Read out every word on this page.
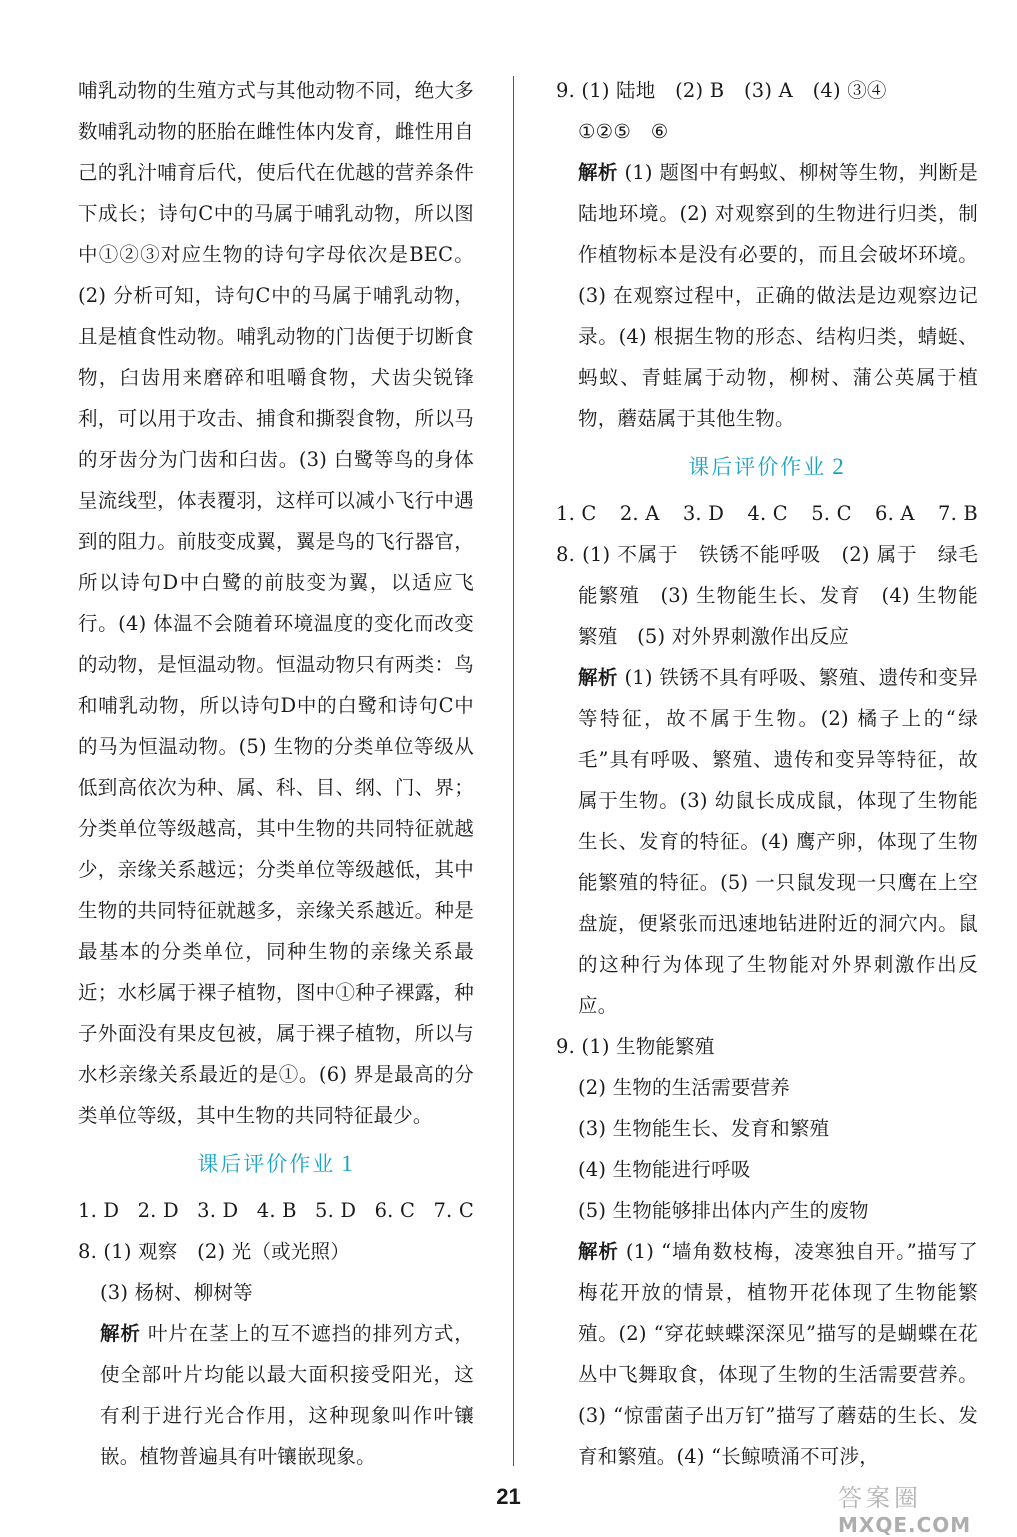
哺乳动物的生殖方式与其他动物不同，绝大多数哺乳动物的胚胎在雌性体内发育，雌性用自己的乳汁哺育后代，使后代在优越的营养条件下成长；诗句C中的马属于哺乳动物，所以图中①②③对应生物的诗句字母依次是BEC。(2) 分析可知，诗句C中的马属于哺乳动物，且是植食性动物。哺乳动物的门齿便于切断食物，臼齿用来磨碎和咀嚼食物，犬齿尖锐锋利，可以用于攻击、捕食和撕裂食物，所以马的牙齿分为门齿和臼齿。(3) 白鹭等鸟的身体呈流线型，体表覆羽，这样可以减小飞行中遇到的阻力。前肢变成翼，翼是鸟的飞行器官，所以诗句D中白鹭的前肢变为翼，以适应飞行。(4) 体温不会随着环境温度的变化而改变的动物，是恒温动物。恒温动物只有两类：鸟和哺乳动物，所以诗句D中的白鹭和诗句C中的马为恒温动物。(5) 生物的分类单位等级从低到高依次为种、属、科、目、纲、门、界；分类单位等级越高，其中生物的共同特征就越少，亲缘关系越远；分类单位等级越低，其中生物的共同特征就越多，亲缘关系越近。种是最基本的分类单位，同种生物的亲缘关系最近；水杉属于裸子植物，图中①种子裸露，种子外面没有果皮包被，属于裸子植物，所以与水杉亲缘关系最近的是①。(6) 界是最高的分类单位等级，其中生物的共同特征最少。

课后评价作业 1
1. D 2. D 3. D 4. B 5. D 6. C 7. C

8. (1) 观察　(2) 光（或光照）

(3) 杨树、柳树等

解析 叶片在茎上的互不遮挡的排列方式，使全部叶片均能以最大面积接受阳光，这有利于进行光合作用，这种现象叫作叶镶嵌。植物普遍具有叶镶嵌现象。

9. (1) 陆地　(2) B　(3) A　(4) ③④

①②⑤　⑥

解析 (1) 题图中有蚂蚁、柳树等生物，判断是陆地环境。(2) 对观察到的生物进行归类，制作植物标本是没有必要的，而且会破坏环境。(3) 在观察过程中，正确的做法是边观察边记录。(4) 根据生物的形态、结构归类，蜻蜓、蚂蚁、青蛙属于动物，柳树、蒲公英属于植物，蘑菇属于其他生物。

课后评价作业 2
1. C 2. A 3. D 4. C 5. C 6. A 7. B

8. (1) 不属于　铁锈不能呼吸　(2) 属于　绿毛能繁殖　(3) 生物能生长、发育　(4) 生物能繁殖　(5) 对外界刺激作出反应

解析 (1) 铁锈不具有呼吸、繁殖、遗传和变异等特征，故不属于生物。(2) 橘子上的“绿毛”具有呼吸、繁殖、遗传和变异等特征，故属于生物。(3) 幼鼠长成成鼠，体现了生物能生长、发育的特征。(4) 鹰产卵，体现了生物能繁殖的特征。(5) 一只鼠发现一只鹰在上空盘旋，便紧张而迅速地钻进附近的洞穴内。鼠的这种行为体现了生物能对外界刺激作出反应。

9. (1) 生物能繁殖

(2) 生物的生活需要营养

(3) 生物能生长、发育和繁殖

(4) 生物能进行呼吸

(5) 生物能够排出体内产生的废物

解析 (1) “墙角数枝梅，凌寒独自开。”描写了梅花开放的情景，植物开花体现了生物能繁殖。(2) “穿花蛱蝶深深见”描写的是蝴蝶在花丛中飞舞取食，体现了生物的生活需要营养。(3) “惊雷菌子出万钉”描写了蘑菇的生长、发育和繁殖。(4) “长鲸喷涌不可涉，

21	答案圈
MXQE.COM
